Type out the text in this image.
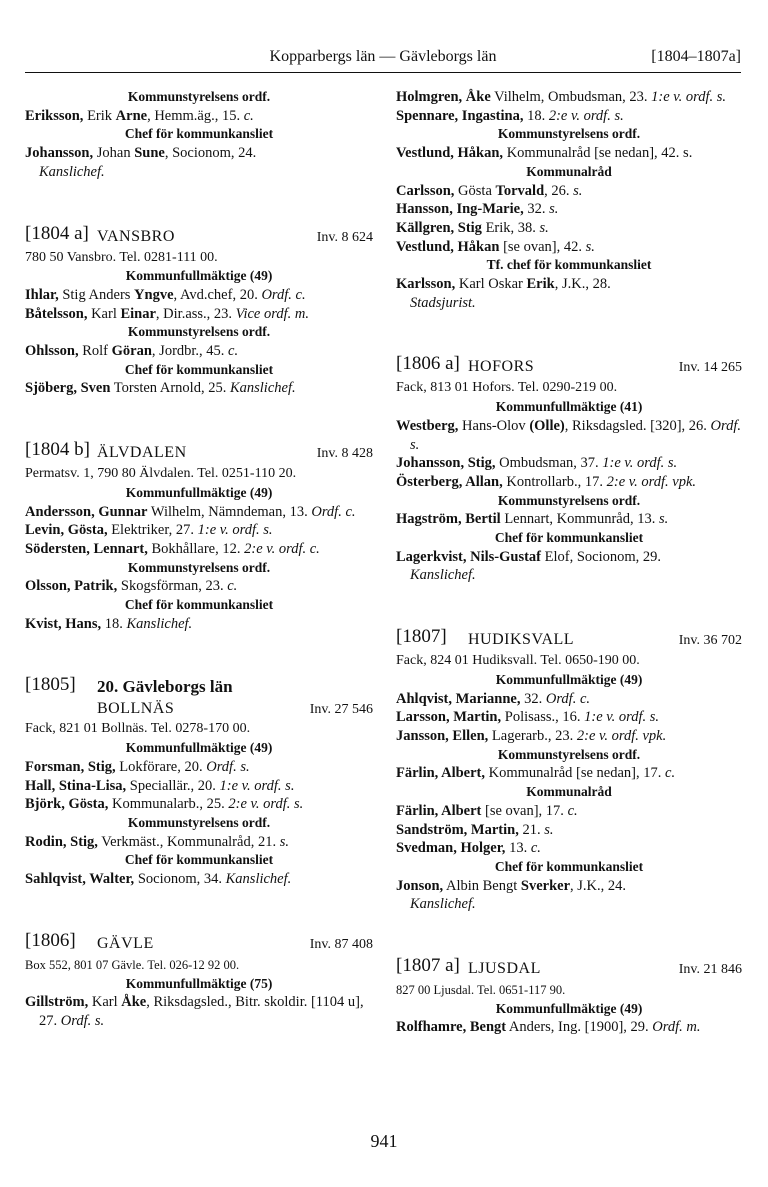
Kopparbergs län — Gävleborgs län	[1804–1807a]
Kommunstyrelsens ordf.
Eriksson, Erik Arne, Hemm.äg., 15. c.
Chef för kommunkansliet
Johansson, Johan Sune, Socionom, 24.
Kanslichef.
[1804 a] VANSBRO	Inv. 8 624
780 50 Vansbro. Tel. 0281-111 00.
Kommunfullmäktige (49)
Ihlar, Stig Anders Yngve, Avd.chef, 20. Ordf. c.
Båtelsson, Karl Einar, Dir.ass., 23. Vice ordf. m.
Kommunstyrelsens ordf.
Ohlsson, Rolf Göran, Jordbr., 45. c.
Chef för kommunkansliet
Sjöberg, Sven Torsten Arnold, 25. Kanslichef.
[1804 b] ÄLVDALEN	Inv. 8 428
Permatsv. 1, 790 80 Älvdalen. Tel. 0251-110 20.
Kommunfullmäktige (49)
Andersson, Gunnar Wilhelm, Nämndeman, 13. Ordf. c.
Levin, Gösta, Elektriker, 27. 1:e v. ordf. s.
Södersten, Lennart, Bokhållare, 12. 2:e v. ordf. c.
Kommunstyrelsens ordf.
Olsson, Patrik, Skogsförman, 23. c.
Chef för kommunkansliet
Kvist, Hans, 18. Kanslichef.
[1805] 20. Gävleborgs län
BOLLNÄS	Inv. 27 546
Fack, 821 01 Bollnäs. Tel. 0278-170 00.
Kommunfullmäktige (49)
Forsman, Stig, Lokförare, 20. Ordf. s.
Hall, Stina-Lisa, Speciallär., 20. 1:e v. ordf. s.
Björk, Gösta, Kommunalarb., 25. 2:e v. ordf. s.
Kommunstyrelsens ordf.
Rodin, Stig, Verkmäst., Kommunalråd, 21. s.
Chef för kommunkansliet
Sahlqvist, Walter, Socionom, 34. Kanslichef.
[1806] GÄVLE	Inv. 87 408
Box 552, 801 07 Gävle. Tel. 026-12 92 00.
Kommunfullmäktige (75)
Gillström, Karl Åke, Riksdagsled., Bitr. skoldir. [1104 u], 27. Ordf. s.
Holmgren, Åke Vilhelm, Ombudsman, 23. 1:e v. ordf. s.
Spennare, Ingastina, 18. 2:e v. ordf. s.
Kommunstyrelsens ordf.
Vestlund, Håkan, Kommunalråd [se nedan], 42. s.
Kommunalråd
Carlsson, Gösta Torvald, 26. s.
Hansson, Ing-Marie, 32. s.
Källgren, Stig Erik, 38. s.
Vestlund, Håkan [se ovan], 42. s.
Tf. chef för kommunkansliet
Karlsson, Karl Oskar Erik, J.K., 28.
Stadsjurist.
[1806 a] HOFORS	Inv. 14 265
Fack, 813 01 Hofors. Tel. 0290-219 00.
Kommunfullmäktige (41)
Westberg, Hans-Olov (Olle), Riksdagsled. [320], 26. Ordf. s.
Johansson, Stig, Ombudsman, 37. 1:e v. ordf. s.
Österberg, Allan, Kontrollarb., 17. 2:e v. ordf. vpk.
Kommunstyrelsens ordf.
Hagström, Bertil Lennart, Kommunråd, 13. s.
Chef för kommunkansliet
Lagerkvist, Nils-Gustaf Elof, Socionom, 29.
Kanslichef.
[1807] HUDIKSVALL	Inv. 36 702
Fack, 824 01 Hudiksvall. Tel. 0650-190 00.
Kommunfullmäktige (49)
Ahlqvist, Marianne, 32. Ordf. c.
Larsson, Martin, Polisass., 16. 1:e v. ordf. s.
Jansson, Ellen, Lagerarb., 23. 2:e v. ordf. vpk.
Kommunstyrelsens ordf.
Färlin, Albert, Kommunalråd [se nedan], 17. c.
Kommunalråd
Färlin, Albert [se ovan], 17. c.
Sandström, Martin, 21. s.
Svedman, Holger, 13. c.
Chef för kommunkansliet
Jonson, Albin Bengt Sverker, J.K., 24.
Kanslichef.
[1807 a] LJUSDAL	Inv. 21 846
827 00 Ljusdal. Tel. 0651-117 90.
Kommunfullmäktige (49)
Rolfhamre, Bengt Anders, Ing. [1900], 29. Ordf. m.
941
